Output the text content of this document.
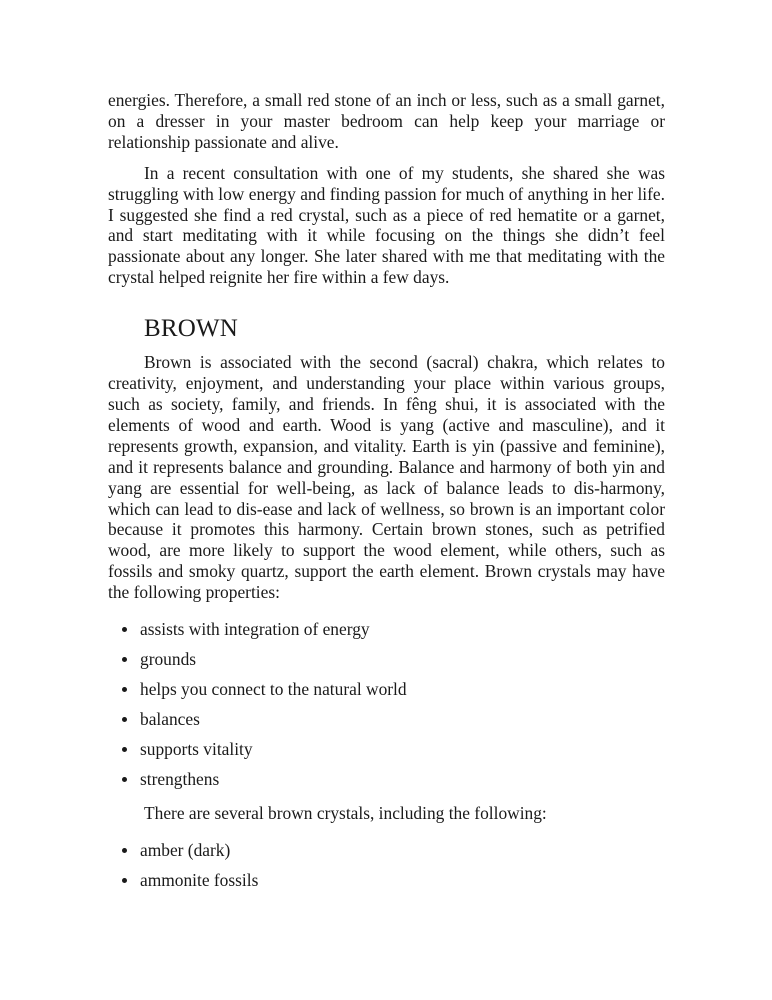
energies. Therefore, a small red stone of an inch or less, such as a small garnet, on a dresser in your master bedroom can help keep your marriage or relationship passionate and alive.

In a recent consultation with one of my students, she shared she was struggling with low energy and finding passion for much of anything in her life. I suggested she find a red crystal, such as a piece of red hematite or a garnet, and start meditating with it while focusing on the things she didn’t feel passionate about any longer. She later shared with me that meditating with the crystal helped reignite her fire within a few days.

BROWN

Brown is associated with the second (sacral) chakra, which relates to creativity, enjoyment, and understanding your place within various groups, such as society, family, and friends. In fêng shui, it is associated with the elements of wood and earth. Wood is yang (active and masculine), and it represents growth, expansion, and vitality. Earth is yin (passive and feminine), and it represents balance and grounding. Balance and harmony of both yin and yang are essential for well-being, as lack of balance leads to dis-harmony, which can lead to dis-ease and lack of wellness, so brown is an important color because it promotes this harmony. Certain brown stones, such as petrified wood, are more likely to support the wood element, while others, such as fossils and smoky quartz, support the earth element. Brown crystals may have the following properties:

assists with integration of energy
grounds
helps you connect to the natural world
balances
supports vitality
strengthens

There are several brown crystals, including the following:

amber (dark)
ammonite fossils
